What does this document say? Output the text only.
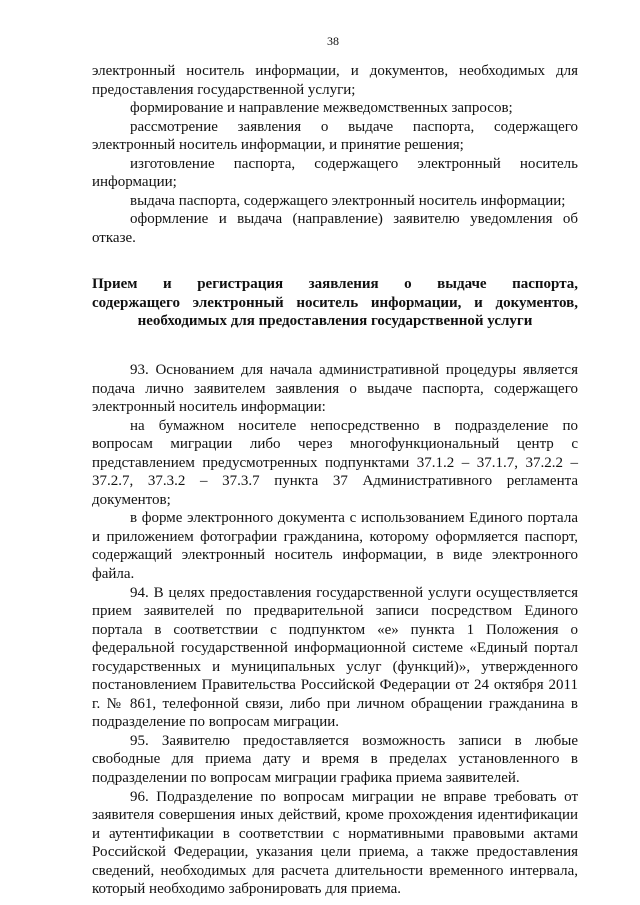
38

электронный носитель информации, и документов, необходимых для предоставления государственной услуги;

формирование и направление межведомственных запросов;

рассмотрение заявления о выдаче паспорта, содержащего электронный носитель информации, и принятие решения;

изготовление паспорта, содержащего электронный носитель информации;

выдача паспорта, содержащего электронный носитель информации;

оформление и выдача (направление) заявителю уведомления об отказе.

Прием и регистрация заявления о выдаче паспорта,
содержащего электронный носитель информации, и документов,
необходимых для предоставления государственной услуги

93. Основанием для начала административной процедуры является подача лично заявителем заявления о выдаче паспорта, содержащего электронный носитель информации:

на бумажном носителе непосредственно в подразделение по вопросам миграции либо через многофункциональный центр с представлением предусмотренных подпунктами 37.1.2 – 37.1.7, 37.2.2 – 37.2.7, 37.3.2 – 37.3.7 пункта 37 Административного регламента документов;

в форме электронного документа с использованием Единого портала и приложением фотографии гражданина, которому оформляется паспорт, содержащий электронный носитель информации, в виде электронного файла.

94. В целях предоставления государственной услуги осуществляется прием заявителей по предварительной записи посредством Единого портала в соответствии с подпунктом «е» пункта 1 Положения о федеральной государственной информационной системе «Единый портал государственных и муниципальных услуг (функций)», утвержденного постановлением Правительства Российской Федерации от 24 октября 2011 г. № 861, телефонной связи, либо при личном обращении гражданина в подразделение по вопросам миграции.

95. Заявителю предоставляется возможность записи в любые свободные для приема дату и время в пределах установленного в подразделении по вопросам миграции графика приема заявителей.

96. Подразделение по вопросам миграции не вправе требовать от заявителя совершения иных действий, кроме прохождения идентификации и аутентификации в соответствии с нормативными правовыми актами Российской Федерации, указания цели приема, а также предоставления сведений, необходимых для расчета длительности временного интервала, который необходимо забронировать для приема.
